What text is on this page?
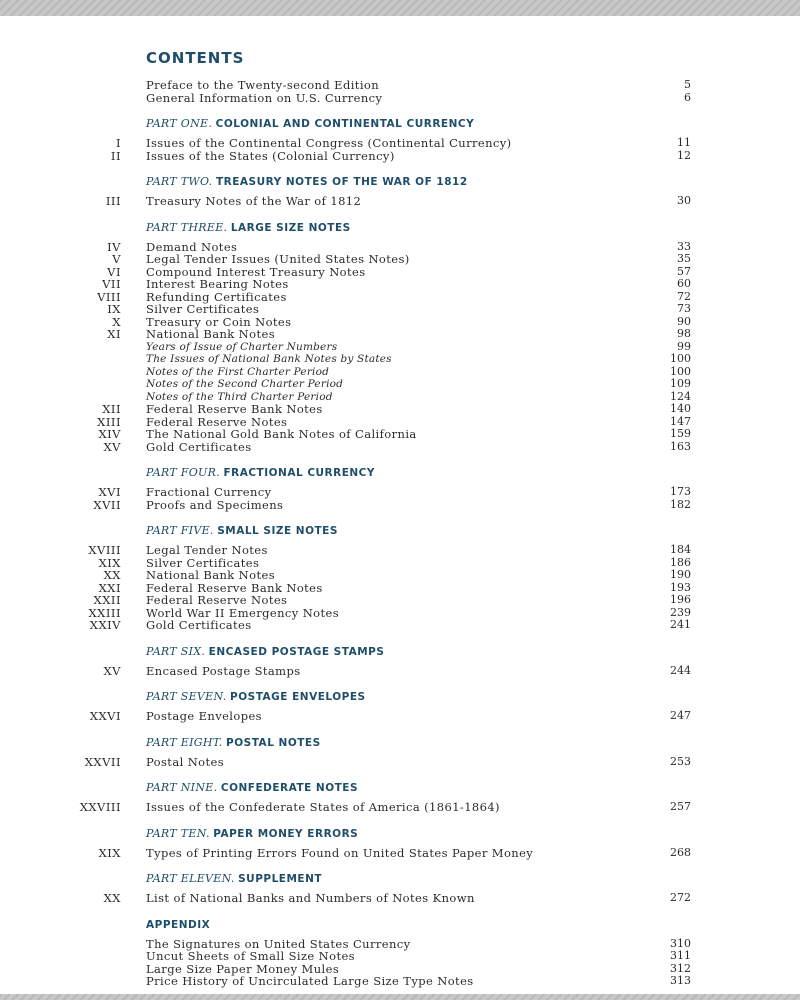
CONTENTS
Preface to the Twenty-second Edition	5
General Information on U.S. Currency	6
PART ONE. COLONIAL AND CONTINENTAL CURRENCY
I Issues of the Continental Congress (Continental Currency)	11
II Issues of the States (Colonial Currency)	12
PART TWO. TREASURY NOTES OF THE WAR OF 1812
III Treasury Notes of the War of 1812	30
PART THREE. LARGE SIZE NOTES
IV Demand Notes	33
V Legal Tender Issues (United States Notes)	35
VI Compound Interest Treasury Notes	57
VII Interest Bearing Notes	60
VIII Refunding Certificates	72
IX Silver Certificates	73
X Treasury or Coin Notes	90
XI National Bank Notes	98
Years of Issue of Charter Numbers	99
The Issues of National Bank Notes by States	100
Notes of the First Charter Period	100
Notes of the Second Charter Period	109
Notes of the Third Charter Period	124
XII Federal Reserve Bank Notes	140
XIII Federal Reserve Notes	147
XIV The National Gold Bank Notes of California	159
XV Gold Certificates	163
PART FOUR. FRACTIONAL CURRENCY
XVI Fractional Currency	173
XVII Proofs and Specimens	182
PART FIVE. SMALL SIZE NOTES
XVIII Legal Tender Notes	184
XIX Silver Certificates	186
XX National Bank Notes	190
XXI Federal Reserve Bank Notes	193
XXII Federal Reserve Notes	196
XXIII World War II Emergency Notes	239
XXIV Gold Certificates	241
PART SIX. ENCASED POSTAGE STAMPS
XV Encased Postage Stamps	244
PART SEVEN. POSTAGE ENVELOPES
XXVI Postage Envelopes	247
PART EIGHT. POSTAL NOTES
XXVII Postal Notes	253
PART NINE. CONFEDERATE NOTES
XXVIII Issues of the Confederate States of America (1861-1864)	257
PART TEN. PAPER MONEY ERRORS
XIX Types of Printing Errors Found on United States Paper Money	268
PART ELEVEN. SUPPLEMENT
XX List of National Banks and Numbers of Notes Known	272
APPENDIX
The Signatures on United States Currency	310
Uncut Sheets of Small Size Notes	311
Large Size Paper Money Mules	312
Price History of Uncirculated Large Size Type Notes	313
